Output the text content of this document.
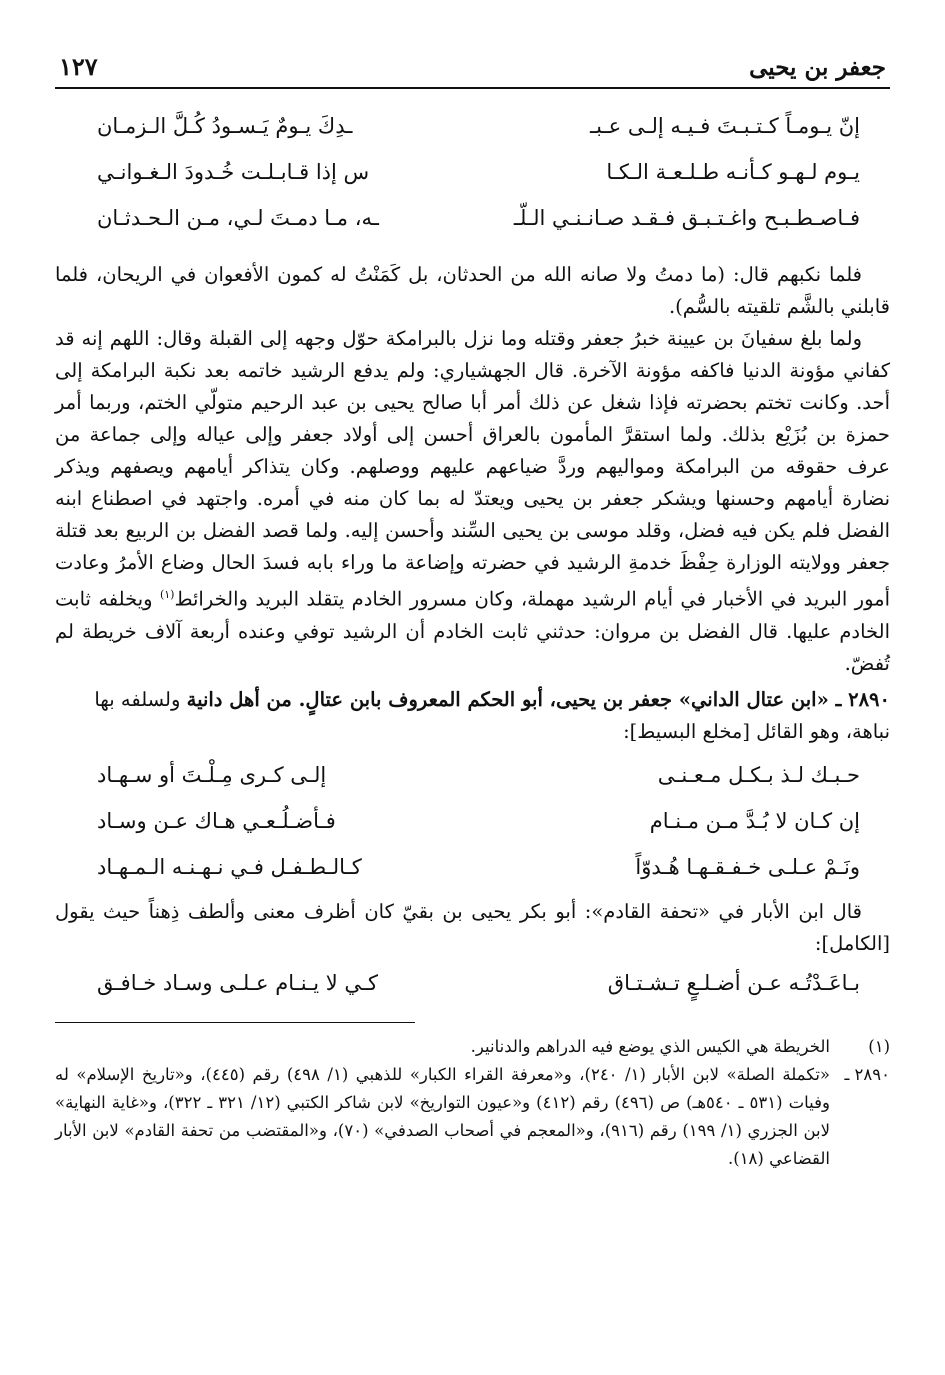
جعفر بن يحيى
١٢٧
إنّ يـومـاً كـتـبـتَ فـيـه إلـى عـبـ
ـدِكَ يـومٌ يَـسـودُ كُـلَّ الـزمـان
يـوم لـهـو كـأنـه طـلـعـة الـكـا
س إذا قـابـلـت خُـدودَ الـغـوانـي
فـاصـطـبـح واغـتـبـق فـقـد صـانـنـي الـلّـ
ـه، مـا دمـتَ لـي، مـن الـحـدثـان

فلما نكبهم قال: (ما دمتُ ولا صانه الله من الحدثان، بل كَمَنْتُ له كمون الأفعوان في الريحان، فلما قابلني بالشَّم تلقيته بالسُّم).

ولما بلغ سفيانَ بن عيينة خبرُ جعفر وقتله وما نزل بالبرامكة حوّل وجهه إلى القبلة وقال: اللهم إنه قد كفاني مؤونة الدنيا فاكفه مؤونة الآخرة. قال الجهشياري: ولم يدفع الرشيد خاتمه بعد نكبة البرامكة إلى أحد. وكانت تختم بحضرته فإذا شغل عن ذلك أمر أبا صالح يحيى بن عبد الرحيم متولّي الختم، وربما أمر حمزة بن بُزَيْع بذلك. ولما استقرَّ المأمون بالعراق أحسن إلى أولاد جعفر وإلى عياله وإلى جماعة من عرف حقوقه من البرامكة ومواليهم وردَّ ضياعهم عليهم ووصلهم. وكان يتذاكر أيامهم ويصفهم ويذكر نضارة أيامهم وحسنها ويشكر جعفر بن يحيى ويعتدّ له بما كان منه في أمره. واجتهد في اصطناع ابنه الفضل فلم يكن فيه فضل، وقلد موسى بن يحيى السِّند وأحسن إليه. ولما قصد الفضل بن الربيع بعد قتلة جعفر وولايته الوزارة حِفْظَ خدمةِ الرشيد في حضرته وإضاعة ما وراء بابه فسدَ الحال وضاع الأمرُ وعادت أمور البريد في الأخبار في أيام الرشيد مهملة، وكان مسرور الخادم يتقلد البريد والخرائط$^{(١)}$ ويخلفه ثابت الخادم عليها. قال الفضل بن مروان: حدثني ثابت الخادم أن الرشيد توفي وعنده أربعة آلاف خريطة لم تُفضّ.

٢٨٩٠ ـ «ابن عتال الداني» جعفر بن يحيى، أبو الحكم المعروف بابن عتالٍ. من أهل دانية ولسلفه بها نباهة، وهو القائل [مخلع البسيط]:

حـبـك لـذ بـكـل مـعـنـى
إلـى كـرى مِـلْـتَ أو سـهـاد
إن كـان لا بُـدَّ مـن مـنـام
فـأضـلُـعـي هـاك عـن وسـاد
ونَـمْ عـلـى خـفـقـهـا هُـدوّاً
كـالـطـفـل فـي نـهـنـه الـمـهـاد

قال ابن الأبار في «تحفة القادم»: أبو بكر يحيى بن بقيّ كان أظرف معنى وألطف ذِهناً حيث يقول [الكامل]:

بـاعَـدْتُـه عـن أضـلـعٍ تـشـتـاق
كـي لا يـنـام عـلـى وسـاد خـافـق
(١)
الخريطة هي الكيس الذي يوضع فيه الدراهم والدنانير.
٢٨٩٠ ـ
«تكملة الصلة» لابن الأبار (١/ ٢٤٠)، و«معرفة القراء الكبار» للذهبي (١/ ٤٩٨) رقم (٤٤٥)، و«تاريخ الإسلام» له وفيات (٥٣١ ـ ٥٤٠هـ) ص (٤٩٦) رقم (٤١٢) و«عيون التواريخ» لابن شاكر الكتبي (١٢/ ٣٢١ ـ ٣٢٢)، و«غاية النهاية» لابن الجزري (١/ ١٩٩) رقم (٩١٦)، و«المعجم في أصحاب الصدفي» (٧٠)، و«المقتضب من تحفة القادم» لابن الأبار القضاعي (١٨).
